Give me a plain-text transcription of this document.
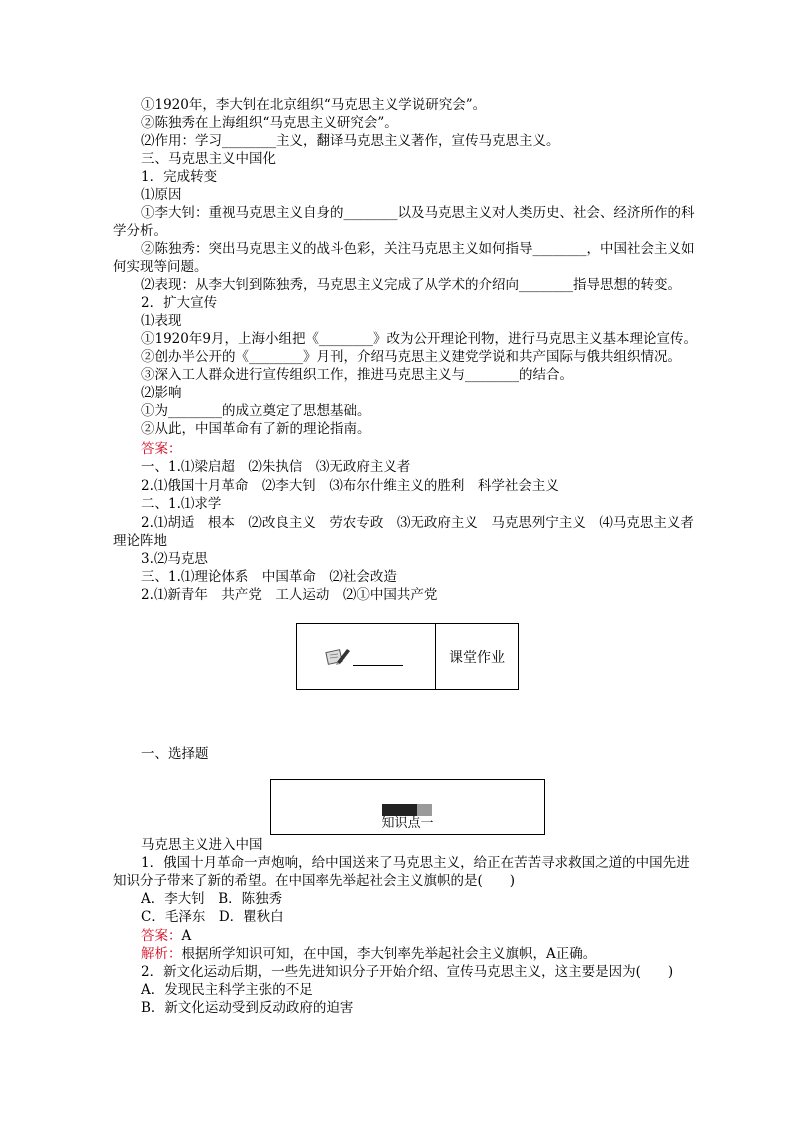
①1920年，李大钊在北京组织“马克思主义学说研究会”。
②陈独秀在上海组织“马克思主义研究会”。
⑵作用：学习________主义，翻译马克思主义著作，宣传马克思主义。
三、马克思主义中国化
1．完成转变
⑴原因
①李大钊：重视马克思主义自身的________以及马克思主义对人类历史、社会、经济所作的科学分析。
②陈独秀：突出马克思主义的战斗色彩，关注马克思主义如何指导________，中国社会主义如何实现等问题。
⑵表现：从李大钊到陈独秀，马克思主义完成了从学术的介绍向________指导思想的转变。
2．扩大宣传
⑴表现
①1920年9月，上海小组把《________》改为公开理论刊物，进行马克思主义基本理论宣传。
②创办半公开的《________》月刊，介绍马克思主义建党学说和共产国际与俄共组织情况。
③深入工人群众进行宣传组织工作，推进马克思主义与________的结合。
⑵影响
①为________的成立奠定了思想基础。
②从此，中国革命有了新的理论指南。
答案：
一、1.⑴梁启超　⑵朱执信　⑶无政府主义者
2.⑴俄国十月革命　⑵李大钊　⑶布尔什维主义的胜利　科学社会主义
二、1.⑴求学
2.⑴胡适　根本　⑵改良主义　劳农专政　⑶无政府主义　马克思列宁主义　⑷马克思主义者理论阵地
3.⑵马克思
三、1.⑴理论体系　中国革命　⑵社会改造
2.⑴新青年　共产党　工人运动　⑵①中国共产党
课堂作业
一、选择题
知识点一
马克思主义进入中国
1．俄国十月革命一声炮响，给中国送来了马克思主义，给正在苦苦寻求救国之道的中国先进知识分子带来了新的希望。在中国率先举起社会主义旗帜的是(　　)
A．李大钊　B．陈独秀
C．毛泽东　D．瞿秋白
答案：A
解析：根据所学知识可知，在中国，李大钊率先举起社会主义旗帜，A正确。
2．新文化运动后期，一些先进知识分子开始介绍、宣传马克思主义，这主要是因为(　　)
A．发现民主科学主张的不足
B．新文化运动受到反动政府的迫害
